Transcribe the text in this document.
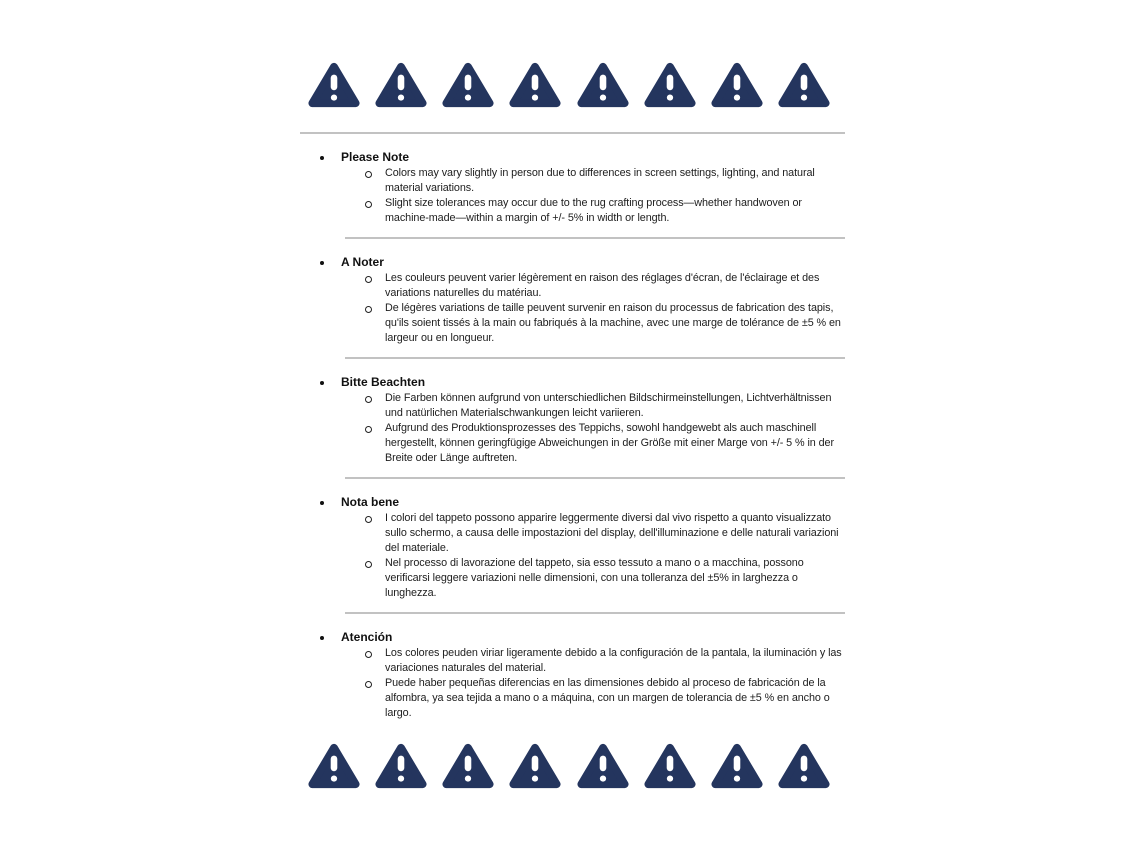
Please Note

Colors may vary slightly in person due to differences in screen settings, lighting, and natural material variations.

Slight size tolerances may occur due to the rug crafting process—whether handwoven or machine-made—within a margin of +/- 5% in width or length.

A Noter

Les couleurs peuvent varier légèrement en raison des réglages d'écran, de l'éclairage et des variations naturelles du matériau.

De légères variations de taille peuvent survenir en raison du processus de fabrication des tapis, qu'ils soient tissés à la main ou fabriqués à la machine, avec une marge de tolérance de ±5 % en largeur ou en longueur.

Bitte Beachten

Die Farben können aufgrund von unterschiedlichen Bildschirmeinstellungen, Lichtverhältnissen und natürlichen Materialschwankungen leicht variieren.

Aufgrund des Produktionsprozesses des Teppichs, sowohl handgewebt als auch maschinell hergestellt, können geringfügige Abweichungen in der Größe mit einer Marge von +/- 5 % in der Breite oder Länge auftreten.

Nota bene

I colori del tappeto possono apparire leggermente diversi dal vivo rispetto a quanto visualizzato sullo schermo, a causa delle impostazioni del display, dell'illuminazione e delle naturali variazioni del materiale.

Nel processo di lavorazione del tappeto, sia esso tessuto a mano o a macchina, possono verificarsi leggere variazioni nelle dimensioni, con una tolleranza del ±5% in larghezza o lunghezza.

Atención

Los colores peuden viriar ligeramente debido a la configuración de la pantala, la iluminación y las variaciones naturales del material.

Puede haber pequeñas diferencias en las dimensiones debido al proceso de fabricación de la alfombra, ya sea tejida a mano o a máquina, con un margen de tolerancia de ±5 % en ancho o largo.
